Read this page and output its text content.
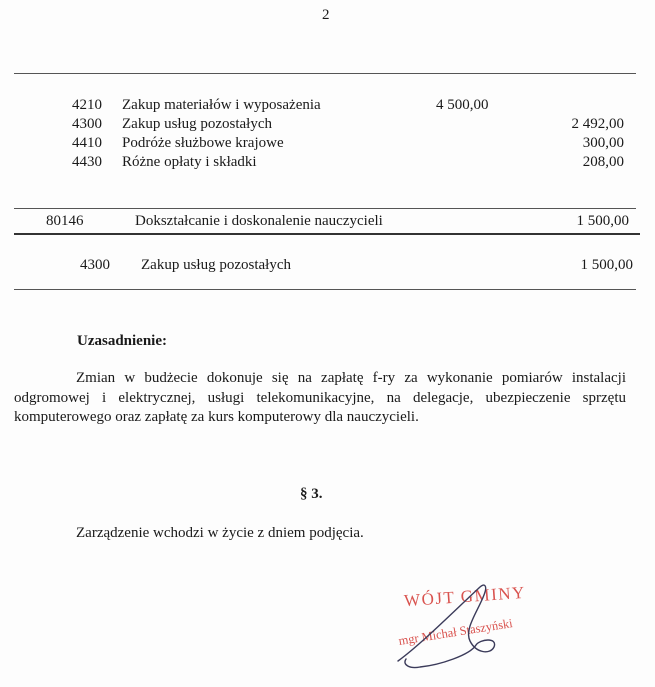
2
4210 Zakup materiałów i wyposażenia	4 500,00
4300 Zakup usług pozostałych	2 492,00
4410 Podróże służbowe krajowe	300,00
4430 Różne opłaty i składki	208,00
80146	Dokształcanie i doskonalenie nauczycieli	1 500,00
4300 Zakup usług pozostałych	1 500,00
Uzasadnienie:
Zmian w budżecie dokonuje się na zapłatę f-ry za wykonanie pomiarów instalacji odgromowej i elektrycznej, usługi telekomunikacyjne, na delegacje, ubezpieczenie sprzętu komputerowego oraz zapłatę za kurs komputerowy dla nauczycieli.
§ 3.
Zarządzenie wchodzi w życie z dniem podjęcia.
WÓJT GMINY
mgr Michał Staszyński
